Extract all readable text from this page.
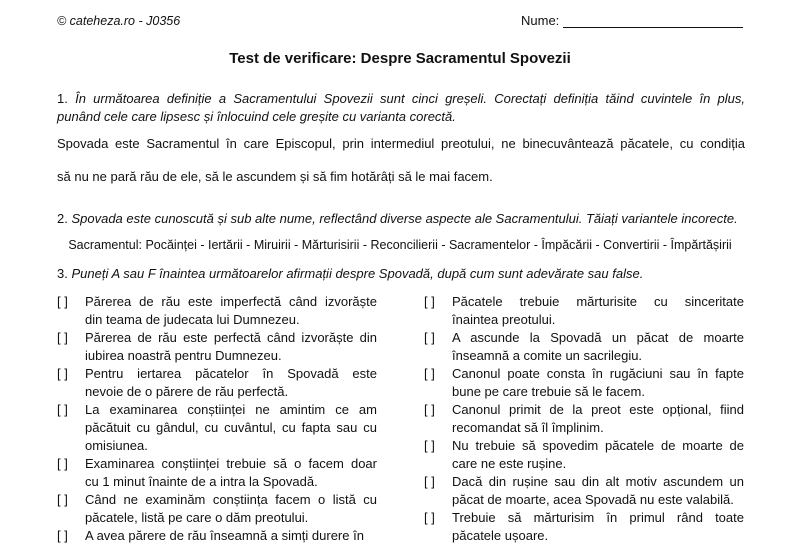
© cateheza.ro - J0356	Nume:
Test de verificare: Despre Sacramentul Spovezii
1. În următoarea definiție a Sacramentului Spovezii sunt cinci greșeli. Corectați definiția tăind cuvintele în plus,
punând cele care lipsesc și înlocuind cele greșite cu varianta corectă.
Spovada este Sacramentul în care Episcopul, prin intermediul preotului, ne binecuvântează păcatele, cu condiția
să nu ne pară rău de ele, să le ascundem și să fim hotărâți să le mai facem.
2. Spovada este cunoscută și sub alte nume, reflectând diverse aspecte ale Sacramentului. Tăiați variantele incorecte.
Sacramentul: Pocăinței - Iertării - Miruirii - Mărturisirii - Reconcilierii - Sacramentelor - Împăcării - Convertirii - Împărtășirii
3. Puneți A sau F înaintea următoarelor afirmații despre Spovadă, după cum sunt adevărate sau false.
[ ]	Părerea de rău este imperfectă când izvorăște
din teama de judecata lui Dumnezeu.
[ ]	Părerea de rău este perfectă când izvorăște din
iubirea noastră pentru Dumnezeu.
[ ]	Pentru iertarea păcatelor în Spovadă este
nevoie de o părere de rău perfectă.
[ ]	La examinarea conștiinței ne amintim ce am
păcătuit cu gândul, cu cuvântul, cu fapta sau cu
omisiunea.
[ ]	Examinarea conștiinței trebuie să o facem doar
cu 1 minut înainte de a intra la Spovadă.
[ ]	Când ne examinăm conștiința facem o listă cu
păcatele, listă pe care o dăm preotului.
[ ]	A avea părere de rău înseamnă a simți durere în
[ ]	Păcatele trebuie mărturisite cu sinceritate
înaintea preotului.
[ ]	A ascunde la Spovadă un păcat de moarte
înseamnă a comite un sacrilegiu.
[ ]	Canonul poate consta în rugăciuni sau în fapte
bune pe care trebuie să le facem.
[ ]	Canonul primit de la preot este opțional, fiind
recomandat să îl împlinim.
[ ]	Nu trebuie să spovedim păcatele de moarte de
care ne este rușine.
[ ]	Dacă din rușine sau din alt motiv ascundem un
păcat de moarte, acea Spovadă nu este valabilă.
[ ]	Trebuie să mărturisim în primul rând toate
păcatele ușoare.
